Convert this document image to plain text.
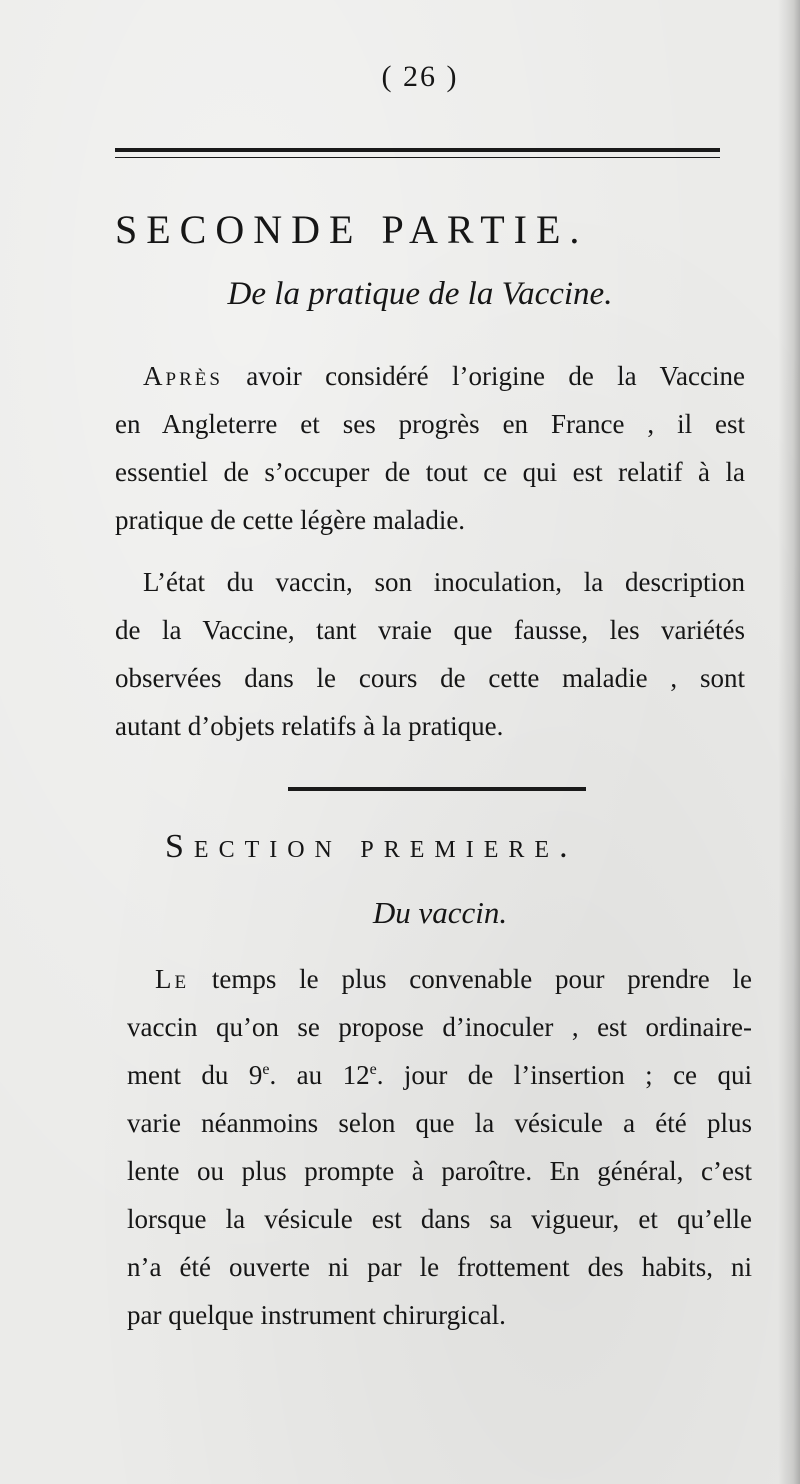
( 26 )
SECONDE PARTIE.
De la pratique de la Vaccine.
Après avoir considéré l’origine de la Vaccine
en Angleterre et ses progrès en France , il est
essentiel de s’occuper de tout ce qui est relatif à la
pratique de cette légère maladie.
L’état du vaccin, son inoculation, la description
de la Vaccine, tant vraie que fausse, les variétés
observées dans le cours de cette maladie , sont
autant d’objets relatifs à la pratique.
Section premiere.
Du vaccin.
Le temps le plus convenable pour prendre le
vaccin qu’on se propose d’inoculer , est ordinaire-
ment du 9e. au 12e. jour de l’insertion ; ce qui
varie néanmoins selon que la vésicule a été plus
lente ou plus prompte à paroître. En général, c’est
lorsque la vésicule est dans sa vigueur, et qu’elle
n’a été ouverte ni par le frottement des habits, ni
par quelque instrument chirurgical.
